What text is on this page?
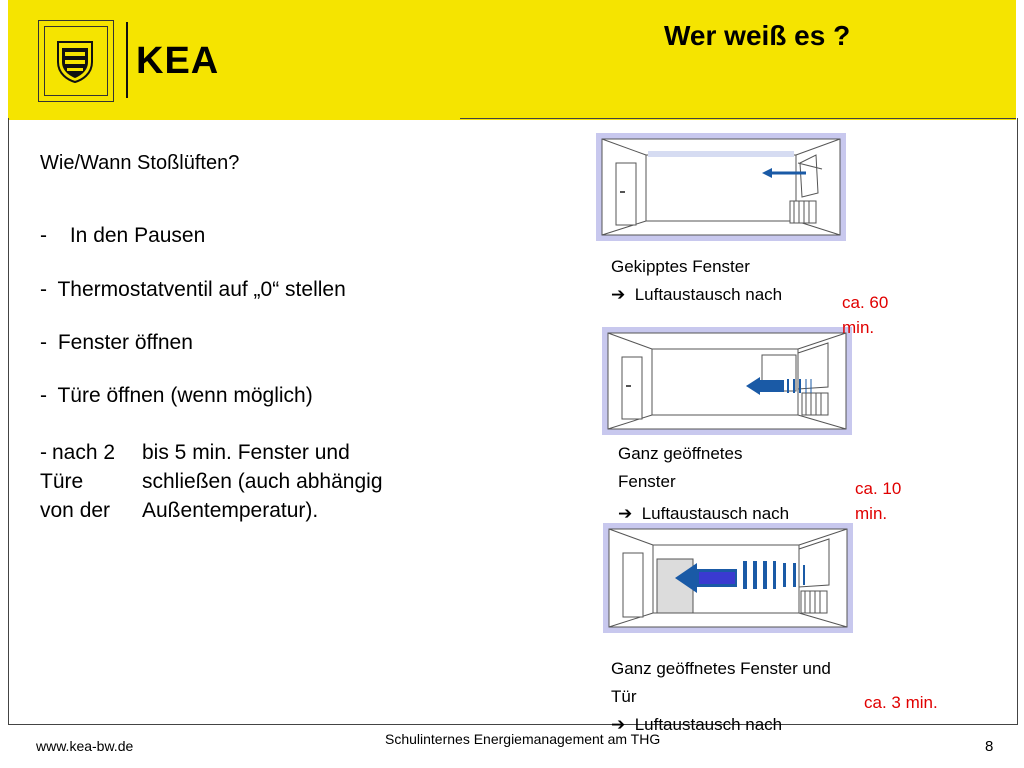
KEA
Wer weiß es ?
Wie/Wann Stoßlüften?
- In den Pausen
- Thermostatventil auf „0“ stellen
- Fenster öffnen
- Türe öffnen (wenn möglich)
- nach 2 bis 5 min. Fenster und
Türe	schließen (auch abhängig
von der Außentemperatur).
Gekipptes Fenster
➔ Luftaustausch nach	ca. 60
min.
Ganz geöffnetes
Fenster
➔ Luftaustausch nach
ca. 10
min.
Ganz geöffnetes Fenster und
Tür
➔ Luftaustausch nach
ca. 3 min.
www.kea-bw.de	Schulinternes Energiemanagement am THG	8
